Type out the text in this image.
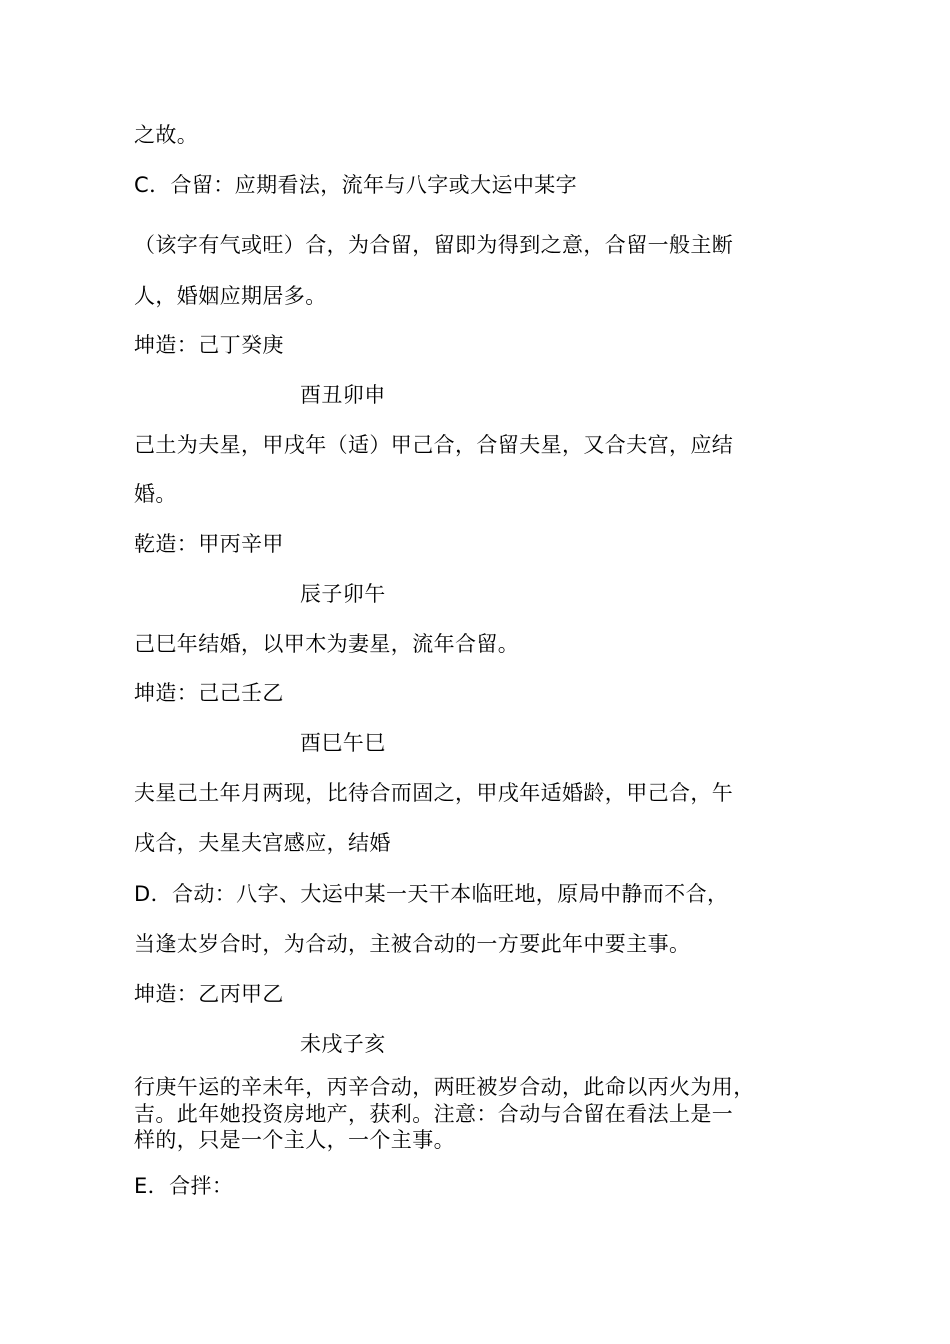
之故。
C．合留：应期看法，流年与八字或大运中某字
（该字有气或旺）合，为合留，留即为得到之意，合留一般主断
人，婚姻应期居多。
坤造：己丁癸庚
酉丑卯申
己土为夫星，甲戌年（适）甲己合，合留夫星，又合夫宫，应结
婚。
乾造：甲丙辛甲
辰子卯午
己巳年结婚，以甲木为妻星，流年合留。
坤造：己己壬乙
酉巳午巳
夫星己土年月两现，比待合而固之，甲戌年适婚龄，甲己合，午
戌合，夫星夫宫感应，结婚
D．合动：八字、大运中某一天干本临旺地，原局中静而不合，
当逢太岁合时，为合动，主被合动的一方要此年中要主事。
坤造：乙丙甲乙
未戌子亥
行庚午运的辛未年，丙辛合动，两旺被岁合动，此命以丙火为用，
吉。此年她投资房地产，获利。注意：合动与合留在看法上是一
样的，只是一个主人，一个主事。
E．合拌：
